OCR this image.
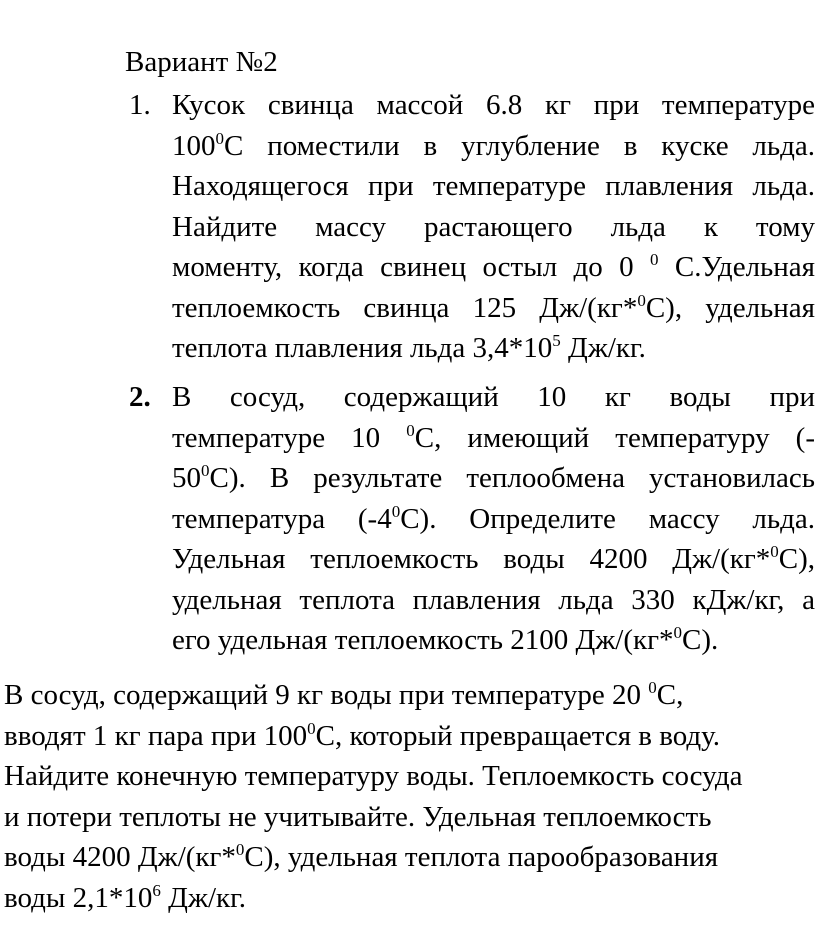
Вариант №2
1. Кусок свинца массой 6.8 кг при температуре
$100^0С$ поместили в углубление в куске льда.
Находящегося при температуре плавления льда.
Найдите массу растающего льда к тому
моменту, когда свинец остыл до 0 $^0$ С.Удельная
теплоемкость свинца 125 Дж/(кг*$^0$С), удельная
теплота плавления льда $3,4*10^5$ Дж/кг.
2. В сосуд, содержащий 10 кг воды при
температуре 10 $^0$С, имеющий температуру (-
$50^0С$). В результате теплообмена установилась
температура $(-4^0С)$. Определите массу льда.
Удельная теплоемкость воды 4200 Дж/(кг*$^0$С),
удельная теплота плавления льда 330 кДж/кг, а
его удельная теплоемкость 2100 Дж/(кг*$^0$С).
В сосуд, содержащий 9 кг воды при температуре 20 $^0$С,
вводят 1 кг пара при $100^0С$, который превращается в воду.
Найдите конечную температуру воды. Теплоемкость сосуда
и потери теплоты не учитывайте. Удельная теплоемкость
воды 4200 Дж/(кг*$^0$С), удельная теплота парообразования
воды $2,1*10^6$ Дж/кг.
